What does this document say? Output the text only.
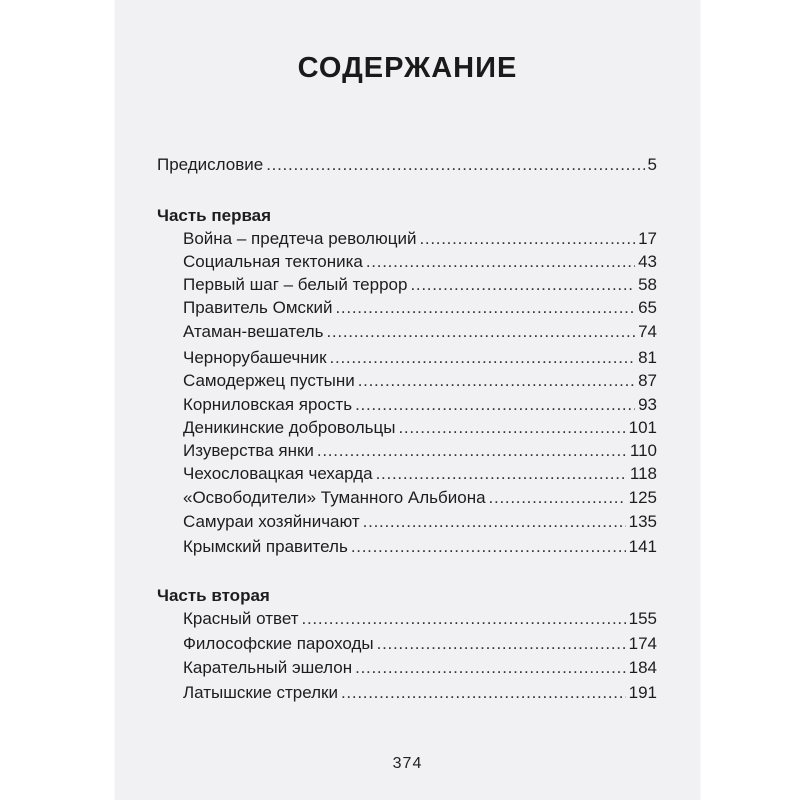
СОДЕРЖАНИЕ
Предисловие . . .	5
Часть первая
Война – предтеча революций . . .	17
Социальная тектоника . . .	43
Первый шаг – белый террор . . .	58
Правитель Омский . . .	65
Атаман-вешатель . . .	74
Чернорубашечник . . .	81
Самодержец пустыни . . .	87
Корниловская ярость . . .	93
Деникинские добровольцы . . .	101
Изуверства янки . . .	110
Чехословацкая чехарда . . .	118
«Освободители» Туманного Альбиона . . .	125
Самураи хозяйничают . . .	135
Крымский правитель . . .	141
Часть вторая
Красный ответ . . .	155
Философские пароходы . . .	174
Карательный эшелон . . .	184
Латышские стрелки . . .	191
374
